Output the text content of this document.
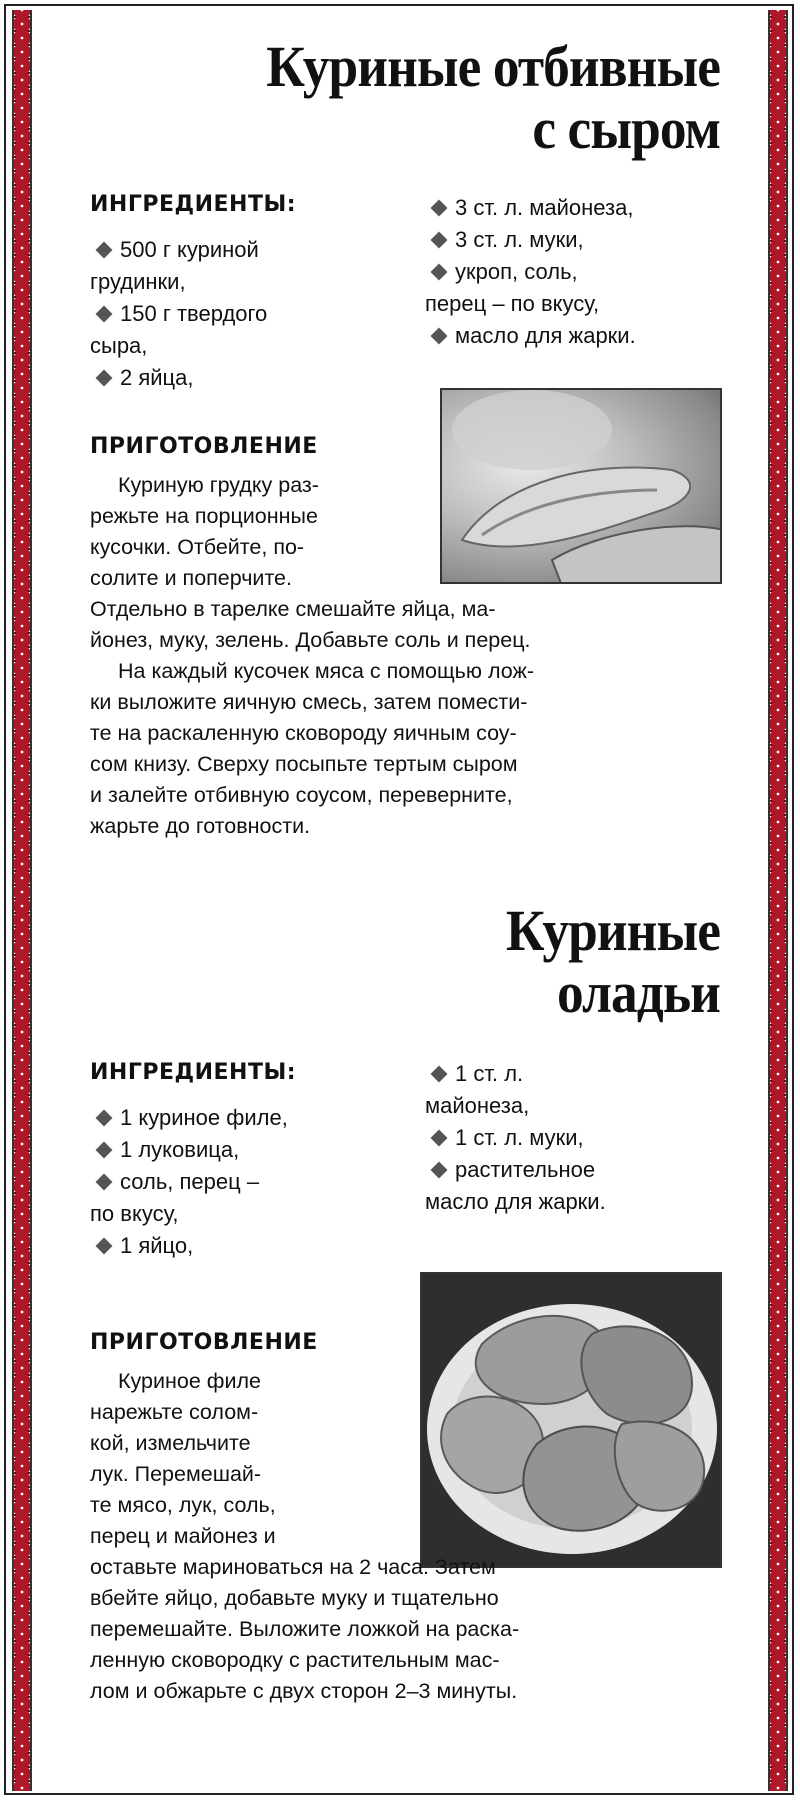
Куриные отбивные
с сыром
ИНГРЕДИЕНТЫ:
500 г куриной
грудинки,
150 г твердого
сыра,
2 яйца,
3 ст. л. майонеза,
3 ст. л. муки,
укроп, соль,
перец – по вкусу,
масло для жарки.
ПРИГОТОВЛЕНИЕ

Куриную грудку раз-

режьте на порционные

кусочки. Отбейте, по-

солите и поперчите.

Отдельно в тарелке смешайте яйца, ма-

йонез, муку, зелень. Добавьте соль и перец.

На каждый кусочек мяса с помощью лож-

ки выложите яичную смесь, затем помести-

те на раскаленную сковороду яичным соу-

сом книзу. Сверху посыпьте тертым сыром

и залейте отбивную соусом, переверните,

жарьте до готовности.

Куриные
оладьи
ИНГРЕДИЕНТЫ:
1 куриное филе,
1 луковица,
соль, перец –
по вкусу,
1 яйцо,
1 ст. л.
майонеза,
1 ст. л. муки,
растительное
масло для жарки.
ПРИГОТОВЛЕНИЕ

Куриное филе

нарежьте солом-

кой, измельчите

лук. Перемешай-

те мясо, лук, соль,

перец и майонез и

оставьте мариноваться на 2 часа. Затем

вбейте яйцо, добавьте муку и тщательно

перемешайте. Выложите ложкой на раска-

ленную сковородку с растительным мас-

лом и обжарьте с двух сторон 2–3 минуты.
